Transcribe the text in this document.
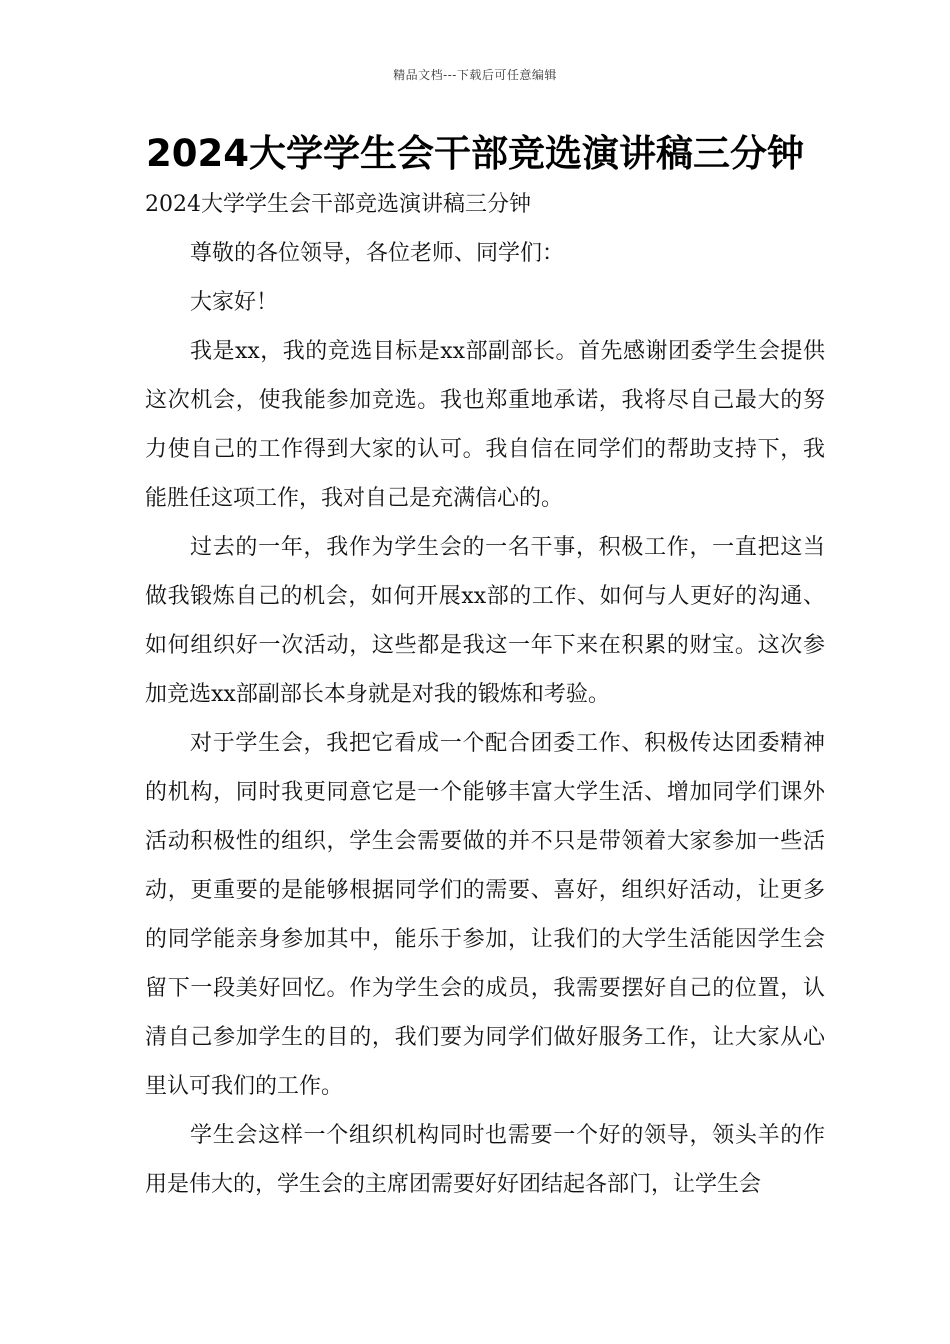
精品文档---下载后可任意编辑
2024大学学生会干部竞选演讲稿三分钟

2024大学学生会干部竞选演讲稿三分钟

尊敬的各位领导，各位老师、同学们：

大家好！

我是xx，我的竞选目标是xx部副部长。首先感谢团委学生会提供这次机会，使我能参加竞选。我也郑重地承诺，我将尽自己最大的努力使自己的工作得到大家的认可。我自信在同学们的帮助支持下，我能胜任这项工作，我对自己是充满信心的。

过去的一年，我作为学生会的一名干事，积极工作，一直把这当做我锻炼自己的机会，如何开展xx部的工作、如何与人更好的沟通、如何组织好一次活动，这些都是我这一年下来在积累的财宝。这次参加竞选xx部副部长本身就是对我的锻炼和考验。

对于学生会，我把它看成一个配合团委工作、积极传达团委精神的机构，同时我更同意它是一个能够丰富大学生活、增加同学们课外活动积极性的组织，学生会需要做的并不只是带领着大家参加一些活动，更重要的是能够根据同学们的需要、喜好，组织好活动，让更多的同学能亲身参加其中，能乐于参加，让我们的大学生活能因学生会留下一段美好回忆。作为学生会的成员，我需要摆好自己的位置，认清自己参加学生的目的，我们要为同学们做好服务工作，让大家从心里认可我们的工作。

学生会这样一个组织机构同时也需要一个好的领导，领头羊的作用是伟大的，学生会的主席团需要好好团结起各部门，让学生会
